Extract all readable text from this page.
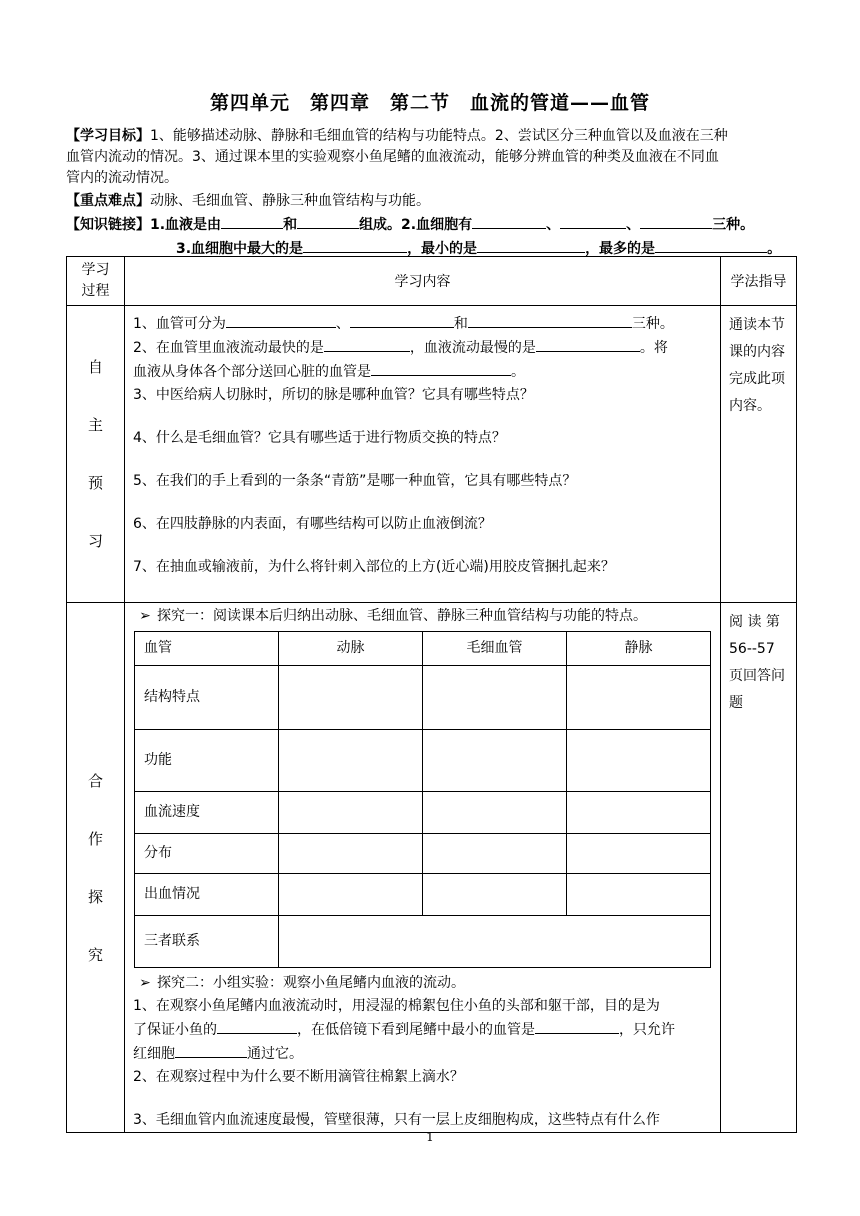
第四单元　第四章　第二节　血流的管道——血管
【学习目标】1、能够描述动脉、静脉和毛细血管的结构与功能特点。2、尝试区分三种血管以及血液在三种
血管内流动的情况。3、通过课本里的实验观察小鱼尾鳍的血液流动，能够分辨血管的种类及血液在不同血
管内的流动情况。
【重点难点】动脉、毛细血管、静脉三种血管结构与功能。
【知识链接】1.血液是由	和	组成。2.血细胞有	、	、	三种。
3.血细胞中最大的是	，最小的是	，最多的是	。
学习
过程	学习内容	学法指导

自
主
预
习

1、血管可分为	、	和	三种。

2、在血管里血液流动最快的是	，血液流动最慢的是	。将

血液从身体各个部分送回心脏的血管是	。

3、中医给病人切脉时，所切的脉是哪种血管？它具有哪些特点？

4、什么是毛细血管？它具有哪些适于进行物质交换的特点？

5、在我们的手上看到的一条条“青筋”是哪一种血管，它具有哪些特点？

6、在四肢静脉的内表面，有哪些结构可以防止血液倒流？

7、在抽血或输液前，为什么将针刺入部位的上方(近心端)用胶皮管捆扎起来？

	通读本节课的内容完成此项内容。

合
作
探
究

➢ 探究一：阅读课本后归纳出动脉、毛细血管、静脉三种血管结构与功能的特点。

血管	动脉	毛细血管	静脉
结构特点			
功能			
血流速度			
分布			
出血情况			
三者联系	

➢ 探究二：小组实验：观察小鱼尾鳍内血液的流动。

1、在观察小鱼尾鳍内血液流动时，用浸湿的棉絮包住小鱼的头部和躯干部，目的是为

了保证小鱼的	，在低倍镜下看到尾鳍中最小的血管是	，只允许

红细胞	通过它。

2、在观察过程中为什么要不断用滴管往棉絮上滴水？

3、毛细血管内血流速度最慢，管壁很薄，只有一层上皮细胞构成，这些特点有什么作

	阅 读 第 56--57 页回答问题
1
